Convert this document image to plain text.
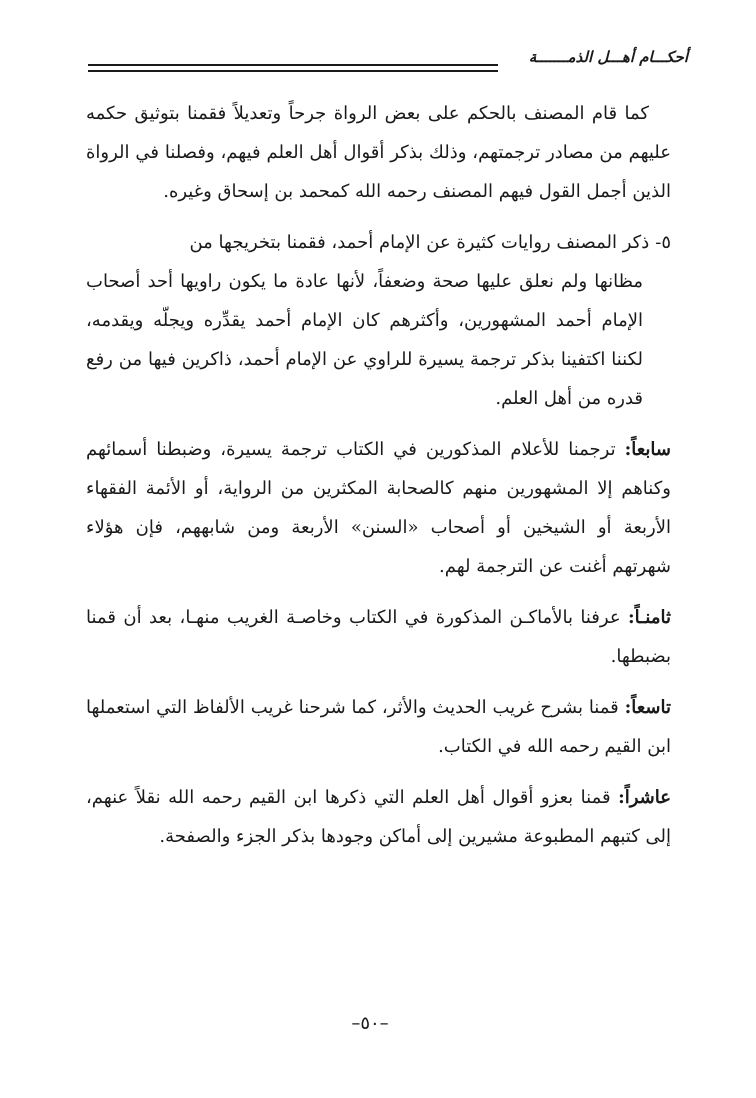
أحكـــام أهـــل الذمـــــــة

كما قام المصنف بالحكم على بعض الرواة جرحاً وتعديلاً فقمنا بتوثيق حكمه عليهم من مصادر ترجمتهم، وذلك بذكر أقوال أهل العلم فيهم، وفصلنا في الرواة الذين أجمل القول فيهم المصنف رحمه الله كمحمد بن إسحاق وغيره.

٥-ذكر المصنف روايات كثيرة عن الإمام أحمد، فقمنا بتخريجها من
مظانها ولم نعلق عليها صحة وضعفاً، لأنها عادة ما يكون راويها أحد أصحاب الإمام أحمد المشهورين، وأكثرهم كان الإمام أحمد يقدِّره ويجلّه ويقدمه، لكننا اكتفينا بذكر ترجمة يسيرة للراوي عن الإمام أحمد، ذاكرين فيها من رفع قدره من أهل العلم.

سابعاً: ترجمنا للأعلام المذكورين في الكتاب ترجمة يسيرة، وضبطنا أسمائهم وكناهم إلا المشهورين منهم كالصحابة المكثرين من الرواية، أو الأئمة الفقهاء الأربعة أو الشيخين أو أصحاب «السنن» الأربعة ومن شابههم، فإن هؤلاء شهرتهم أغنت عن الترجمة لهم.

ثامنـاً: عرفنا بالأماكـن المذكورة في الكتاب وخاصـة الغريب منهـا، بعد أن قمنا بضبطها.

تاسعاً: قمنا بشرح غريب الحديث والأثر، كما شرحنا غريب الألفاظ التي استعملها ابن القيم رحمه الله في الكتاب.

عاشراً: قمنا بعزو أقوال أهل العلم التي ذكرها ابن القيم رحمه الله نقلاً عنهم، إلى كتبهم المطبوعة مشيرين إلى أماكن وجودها بذكر الجزء والصفحة.

–٥٠–
